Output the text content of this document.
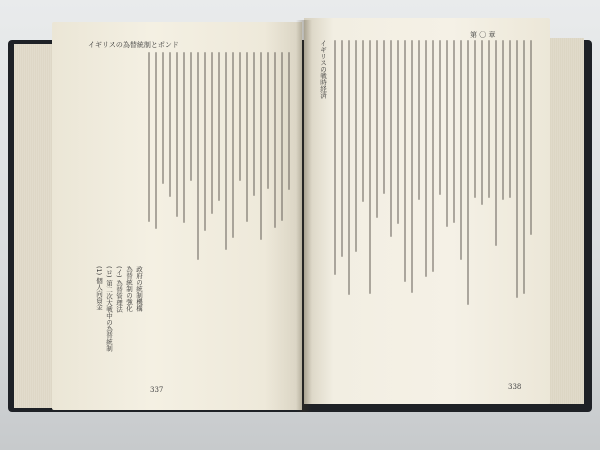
イギリスの為替統制とポンド
第 〇 章
(1) 個人向資金 (ロ) 第二次大戦中の為替統制 (イ) 為替管理法 為替統制の強化 政府の統制機構
イギリスの戦時経済
337	338
